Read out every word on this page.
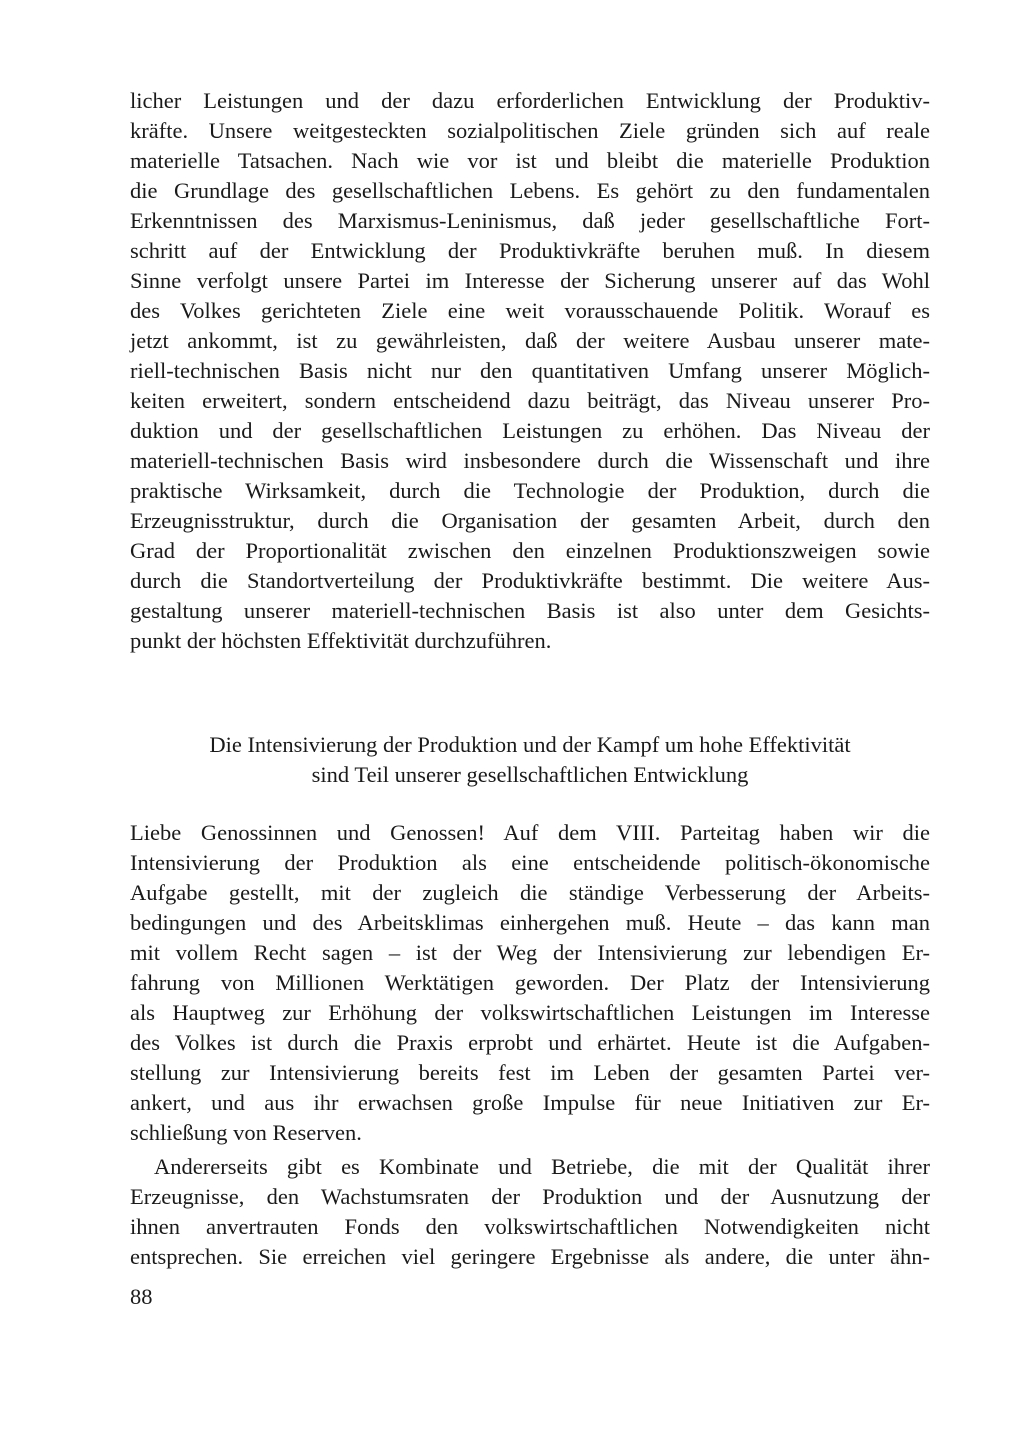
licher Leistungen und der dazu erforderlichen Entwicklung der Produktiv-
kräfte. Unsere weitgesteckten sozialpolitischen Ziele gründen sich auf reale
materielle Tatsachen. Nach wie vor ist und bleibt die materielle Produktion
die Grundlage des gesellschaftlichen Lebens. Es gehört zu den fundamentalen
Erkenntnissen des Marxismus-Leninismus, daß jeder gesellschaftliche Fort-
schritt auf der Entwicklung der Produktivkräfte beruhen muß. In diesem
Sinne verfolgt unsere Partei im Interesse der Sicherung unserer auf das Wohl
des Volkes gerichteten Ziele eine weit vorausschauende Politik. Worauf es
jetzt ankommt, ist zu gewährleisten, daß der weitere Ausbau unserer mate-
riell-technischen Basis nicht nur den quantitativen Umfang unserer Möglich-
keiten erweitert, sondern entscheidend dazu beiträgt, das Niveau unserer Pro-
duktion und der gesellschaftlichen Leistungen zu erhöhen. Das Niveau der
materiell-technischen Basis wird insbesondere durch die Wissenschaft und ihre
praktische Wirksamkeit, durch die Technologie der Produktion, durch die
Erzeugnisstruktur, durch die Organisation der gesamten Arbeit, durch den
Grad der Proportionalität zwischen den einzelnen Produktionszweigen sowie
durch die Standortverteilung der Produktivkräfte bestimmt. Die weitere Aus-
gestaltung unserer materiell-technischen Basis ist also unter dem Gesichts-
punkt der höchsten Effektivität durchzuführen.
Die Intensivierung der Produktion und der Kampf um hohe Effektivität
sind Teil unserer gesellschaftlichen Entwicklung
Liebe Genossinnen und Genossen! Auf dem VIII. Parteitag haben wir die
Intensivierung der Produktion als eine entscheidende politisch-ökonomische
Aufgabe gestellt, mit der zugleich die ständige Verbesserung der Arbeits-
bedingungen und des Arbeitsklimas einhergehen muß. Heute – das kann man
mit vollem Recht sagen – ist der Weg der Intensivierung zur lebendigen Er-
fahrung von Millionen Werktätigen geworden. Der Platz der Intensivierung
als Hauptweg zur Erhöhung der volkswirtschaftlichen Leistungen im Interesse
des Volkes ist durch die Praxis erprobt und erhärtet. Heute ist die Aufgaben-
stellung zur Intensivierung bereits fest im Leben der gesamten Partei ver-
ankert, und aus ihr erwachsen große Impulse für neue Initiativen zur Er-
schließung von Reserven.
Andererseits gibt es Kombinate und Betriebe, die mit der Qualität ihrer
Erzeugnisse, den Wachstumsraten der Produktion und der Ausnutzung der
ihnen anvertrauten Fonds den volkswirtschaftlichen Notwendigkeiten nicht
entsprechen. Sie erreichen viel geringere Ergebnisse als andere, die unter ähn-
88
